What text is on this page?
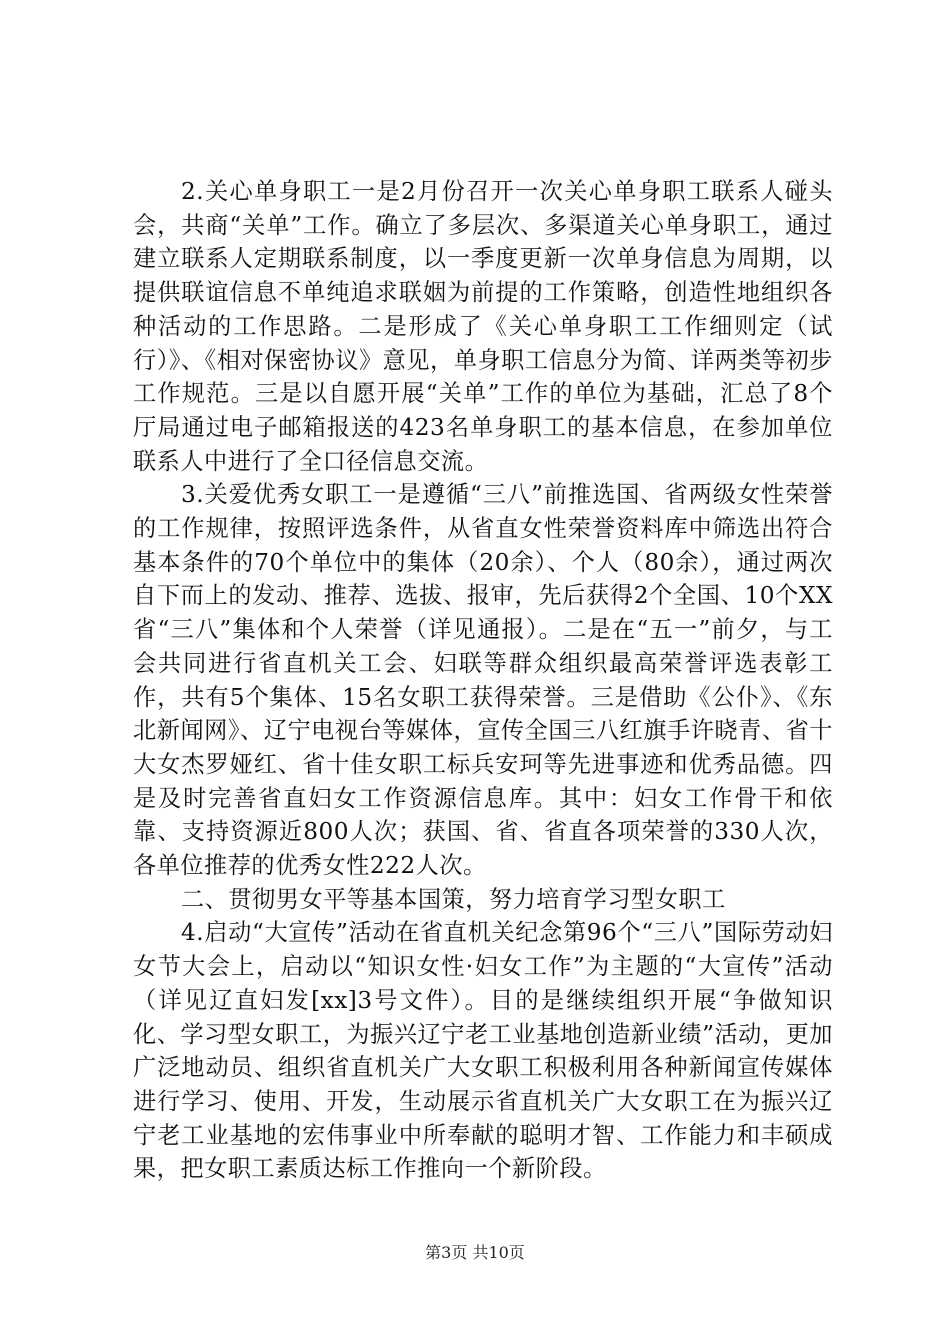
2.关心单身职工一是2月份召开一次关心单身职工联系人碰头会，共商“关单”工作。确立了多层次、多渠道关心单身职工，通过建立联系人定期联系制度，以一季度更新一次单身信息为周期，以提供联谊信息不单纯追求联姻为前提的工作策略，创造性地组织各种活动的工作思路。二是形成了《关心单身职工工作细则定（试行）》、《相对保密协议》意见，单身职工信息分为简、详两类等初步工作规范。三是以自愿开展“关单”工作的单位为基础，汇总了8个厅局通过电子邮箱报送的423名单身职工的基本信息，在参加单位联系人中进行了全口径信息交流。

3.关爱优秀女职工一是遵循“三八”前推选国、省两级女性荣誉的工作规律，按照评选条件，从省直女性荣誉资料库中筛选出符合基本条件的70个单位中的集体（20余）、个人（80余），通过两次自下而上的发动、推荐、选拔、报审，先后获得2个全国、10个XX省“三八”集体和个人荣誉（详见通报）。二是在“五一”前夕，与工会共同进行省直机关工会、妇联等群众组织最高荣誉评选表彰工作，共有5个集体、15名女职工获得荣誉。三是借助《公仆》、《东北新闻网》、辽宁电视台等媒体，宣传全国三八红旗手许晓青、省十大女杰罗娅红、省十佳女职工标兵安珂等先进事迹和优秀品德。四是及时完善省直妇女工作资源信息库。其中：妇女工作骨干和依靠、支持资源近800人次；获国、省、省直各项荣誉的330人次，各单位推荐的优秀女性222人次。

二、贯彻男女平等基本国策，努力培育学习型女职工

4.启动“大宣传”活动在省直机关纪念第96个“三八”国际劳动妇女节大会上，启动以“知识女性·妇女工作”为主题的“大宣传”活动（详见辽直妇发[xx]3号文件）。目的是继续组织开展“争做知识化、学习型女职工，为振兴辽宁老工业基地创造新业绩”活动，更加广泛地动员、组织省直机关广大女职工积极利用各种新闻宣传媒体进行学习、使用、开发，生动展示省直机关广大女职工在为振兴辽宁老工业基地的宏伟事业中所奉献的聪明才智、工作能力和丰硕成果，把女职工素质达标工作推向一个新阶段。

第3页 共10页
